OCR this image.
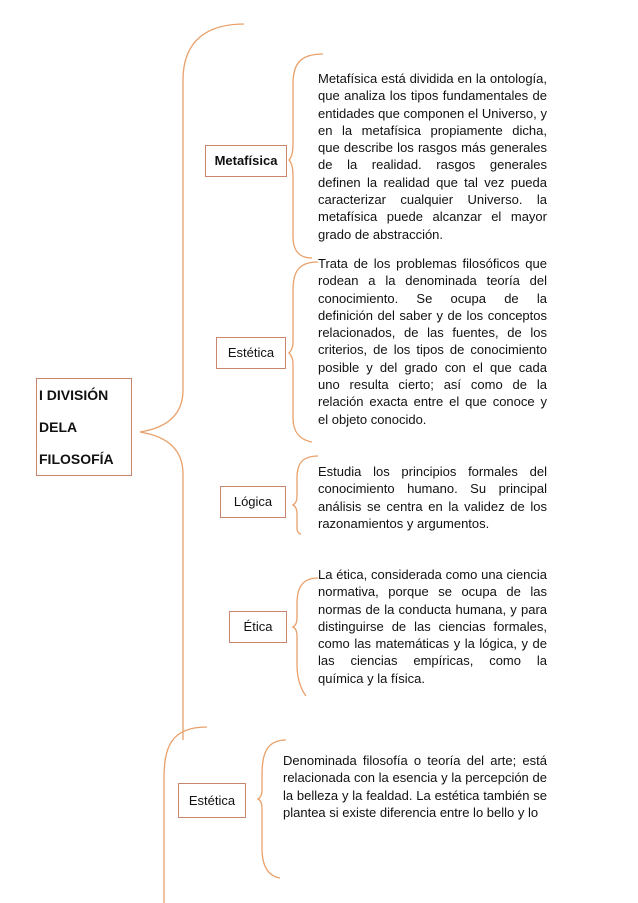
I DIVISIÓN
DELA
FILOSOFÍA
Metafísica
Metafísica está dividida en la ontología, que analiza los tipos fundamentales de entidades que componen el Universo, y en la metafísica propiamente dicha, que describe los rasgos más generales de la realidad. rasgos generales definen la realidad que tal vez pueda caracterizar cualquier Universo. la metafísica puede alcanzar el mayor grado de abstracción.
Estética
Trata de los problemas filosóficos que rodean a la denominada teoría del conocimiento. Se ocupa de la definición del saber y de los conceptos relacionados, de las fuentes, de los criterios, de los tipos de conocimiento posible y del grado con el que cada uno resulta cierto; así como de la relación exacta entre el que conoce y el objeto conocido.
Lógica
Estudia los principios formales del conocimiento humano. Su principal análisis se centra en la validez de los razonamientos y argumentos.
Ética
La ética, considerada como una ciencia normativa, porque se ocupa de las normas de la conducta humana, y para distinguirse de las ciencias formales, como las matemáticas y la lógica, y de las ciencias empíricas, como la química y la física.
Estética
Denominada filosofía o teoría del arte; está relacionada con la esencia y la percepción de la belleza y la fealdad. La estética también se plantea si existe diferencia entre lo bello y lo
